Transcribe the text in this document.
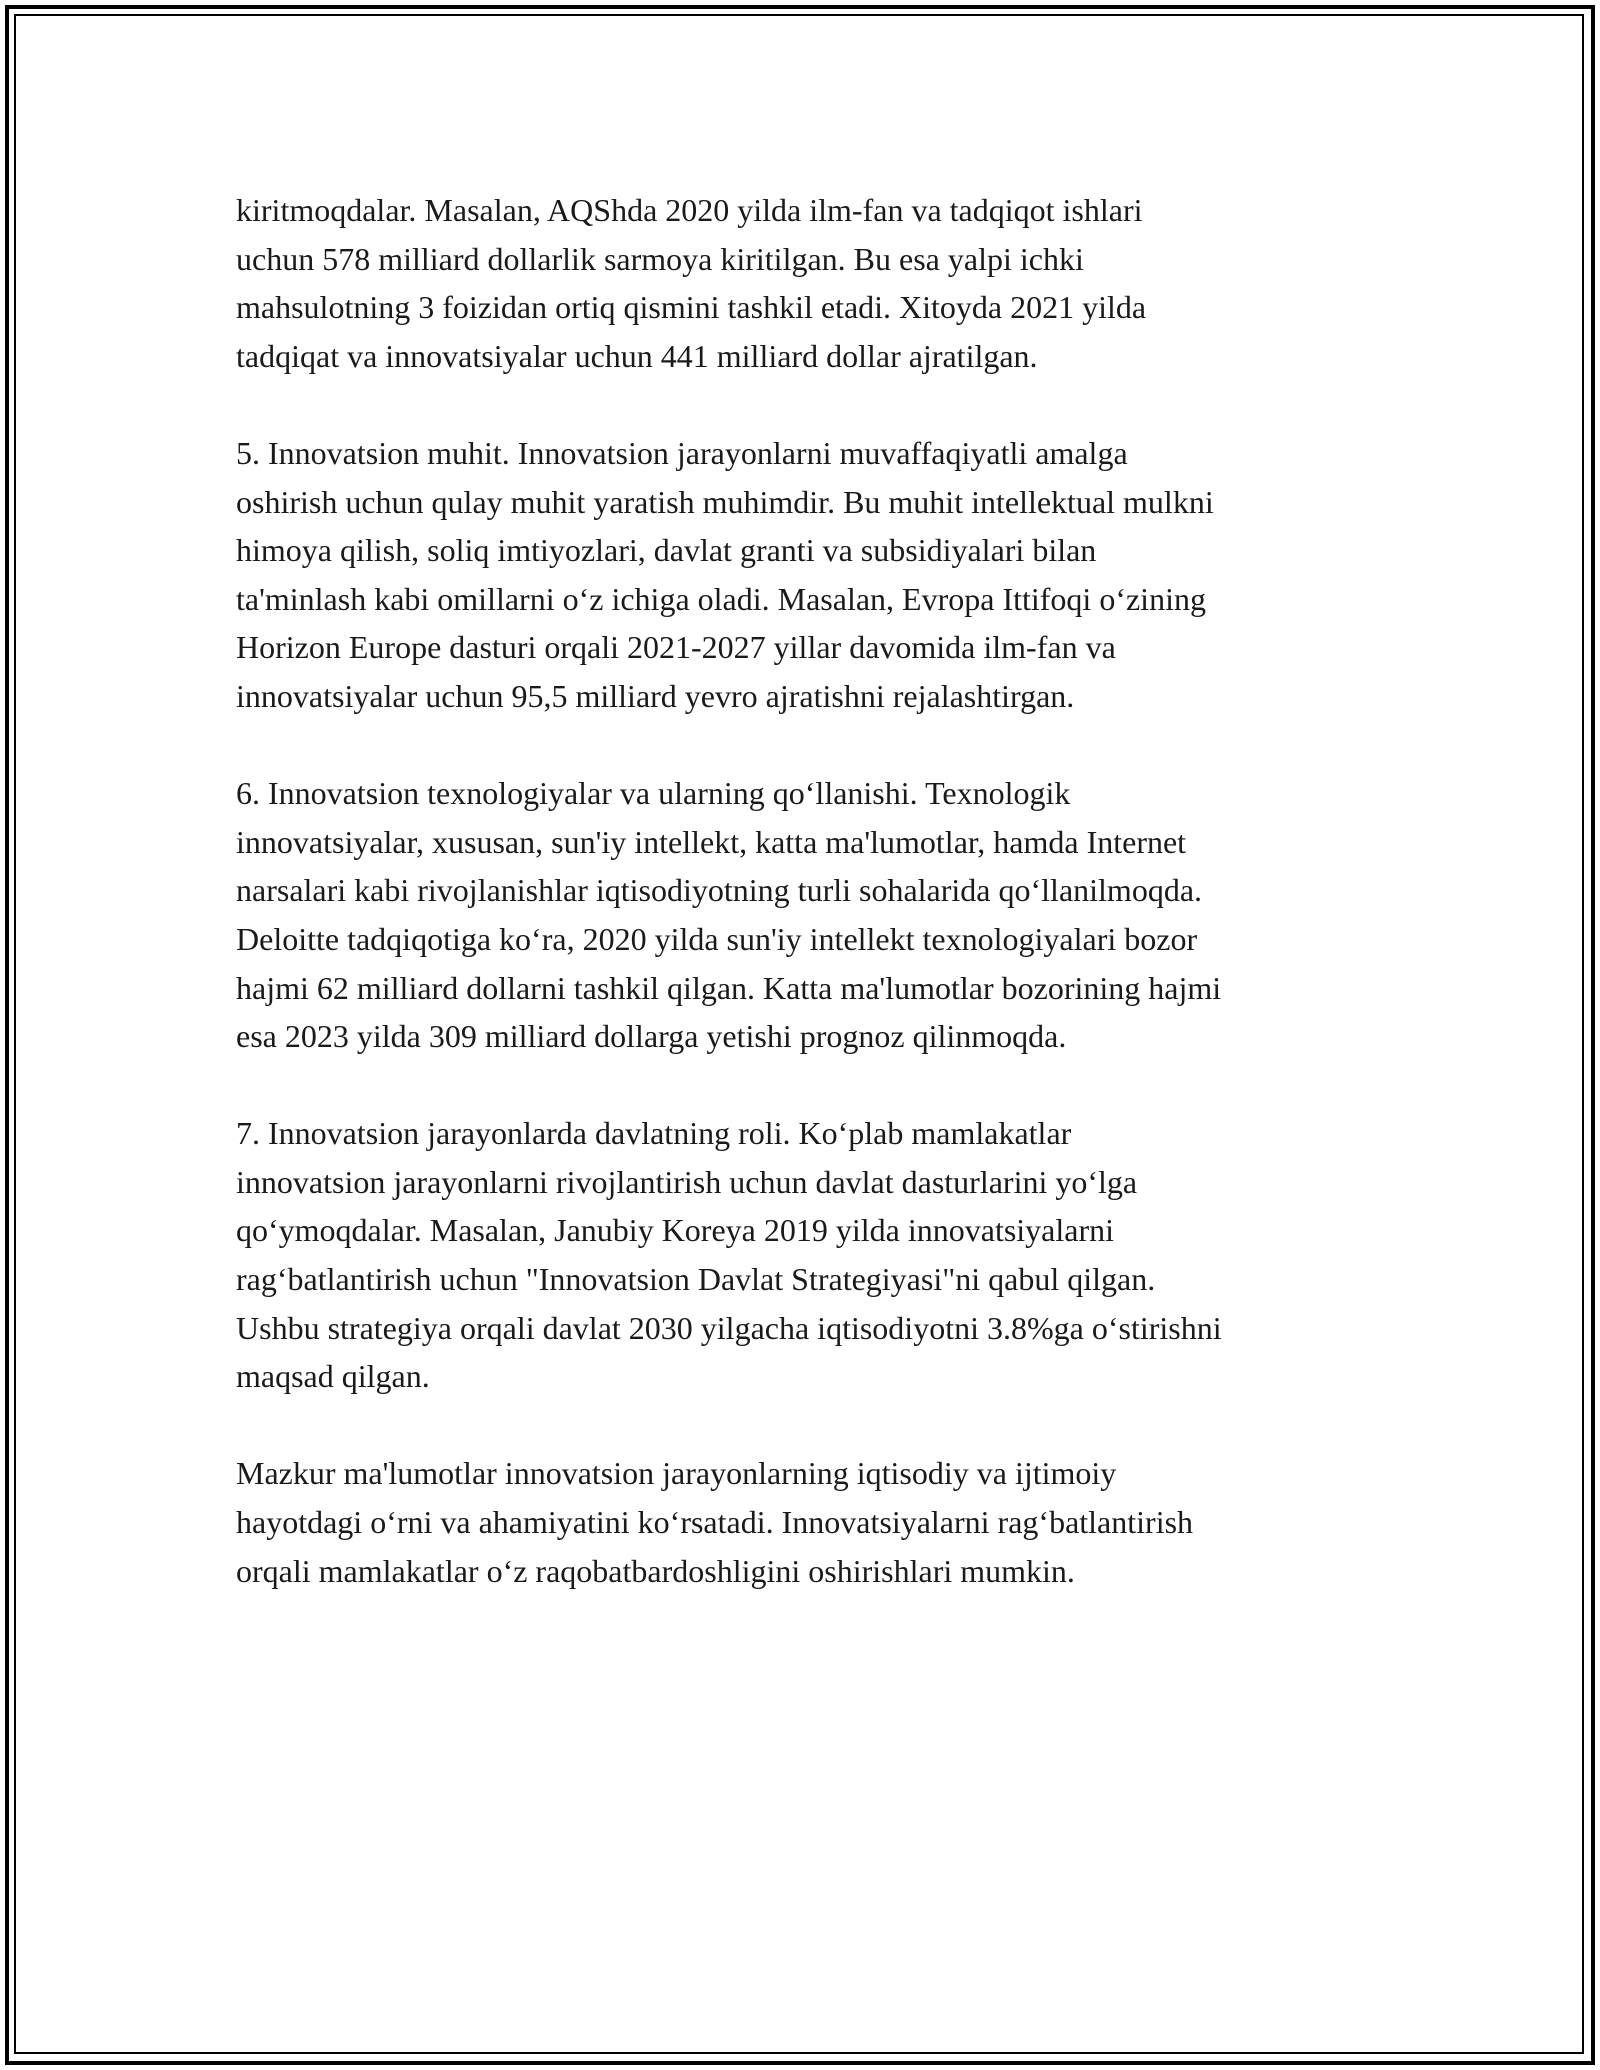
kiritmoqdalar. Masalan, AQShda 2020 yilda ilm-fan va tadqiqot ishlari
uchun 578 milliard dollarlik sarmoya kiritilgan. Bu esa yalpi ichki
mahsulotning 3 foizidan ortiq qismini tashkil etadi. Xitoyda 2021 yilda
tadqiqat va innovatsiyalar uchun 441 milliard dollar ajratilgan.

5. Innovatsion muhit. Innovatsion jarayonlarni muvaffaqiyatli amalga
oshirish uchun qulay muhit yaratish muhimdir. Bu muhit intellektual mulkni
himoya qilish, soliq imtiyozlari, davlat granti va subsidiyalari bilan
ta'minlash kabi omillarni o‘z ichiga oladi. Masalan, Evropa Ittifoqi o‘zining
Horizon Europe dasturi orqali 2021-2027 yillar davomida ilm-fan va
innovatsiyalar uchun 95,5 milliard yevro ajratishni rejalashtirgan.

6. Innovatsion texnologiyalar va ularning qo‘llanishi. Texnologik
innovatsiyalar, xususan, sun'iy intellekt, katta ma'lumotlar, hamda Internet
narsalari kabi rivojlanishlar iqtisodiyotning turli sohalarida qo‘llanilmoqda.
Deloitte tadqiqotiga ko‘ra, 2020 yilda sun'iy intellekt texnologiyalari bozor
hajmi 62 milliard dollarni tashkil qilgan. Katta ma'lumotlar bozorining hajmi
esa 2023 yilda 309 milliard dollarga yetishi prognoz qilinmoqda.

7. Innovatsion jarayonlarda davlatning roli. Ko‘plab mamlakatlar
innovatsion jarayonlarni rivojlantirish uchun davlat dasturlarini yo‘lga
qo‘ymoqdalar. Masalan, Janubiy Koreya 2019 yilda innovatsiyalarni
rag‘batlantirish uchun "Innovatsion Davlat Strategiyasi"ni qabul qilgan.
Ushbu strategiya orqali davlat 2030 yilgacha iqtisodiyotni 3.8%ga o‘stirishni
maqsad qilgan.

Mazkur ma'lumotlar innovatsion jarayonlarning iqtisodiy va ijtimoiy
hayotdagi o‘rni va ahamiyatini ko‘rsatadi. Innovatsiyalarni rag‘batlantirish
orqali mamlakatlar o‘z raqobatbardoshligini oshirishlari mumkin.
